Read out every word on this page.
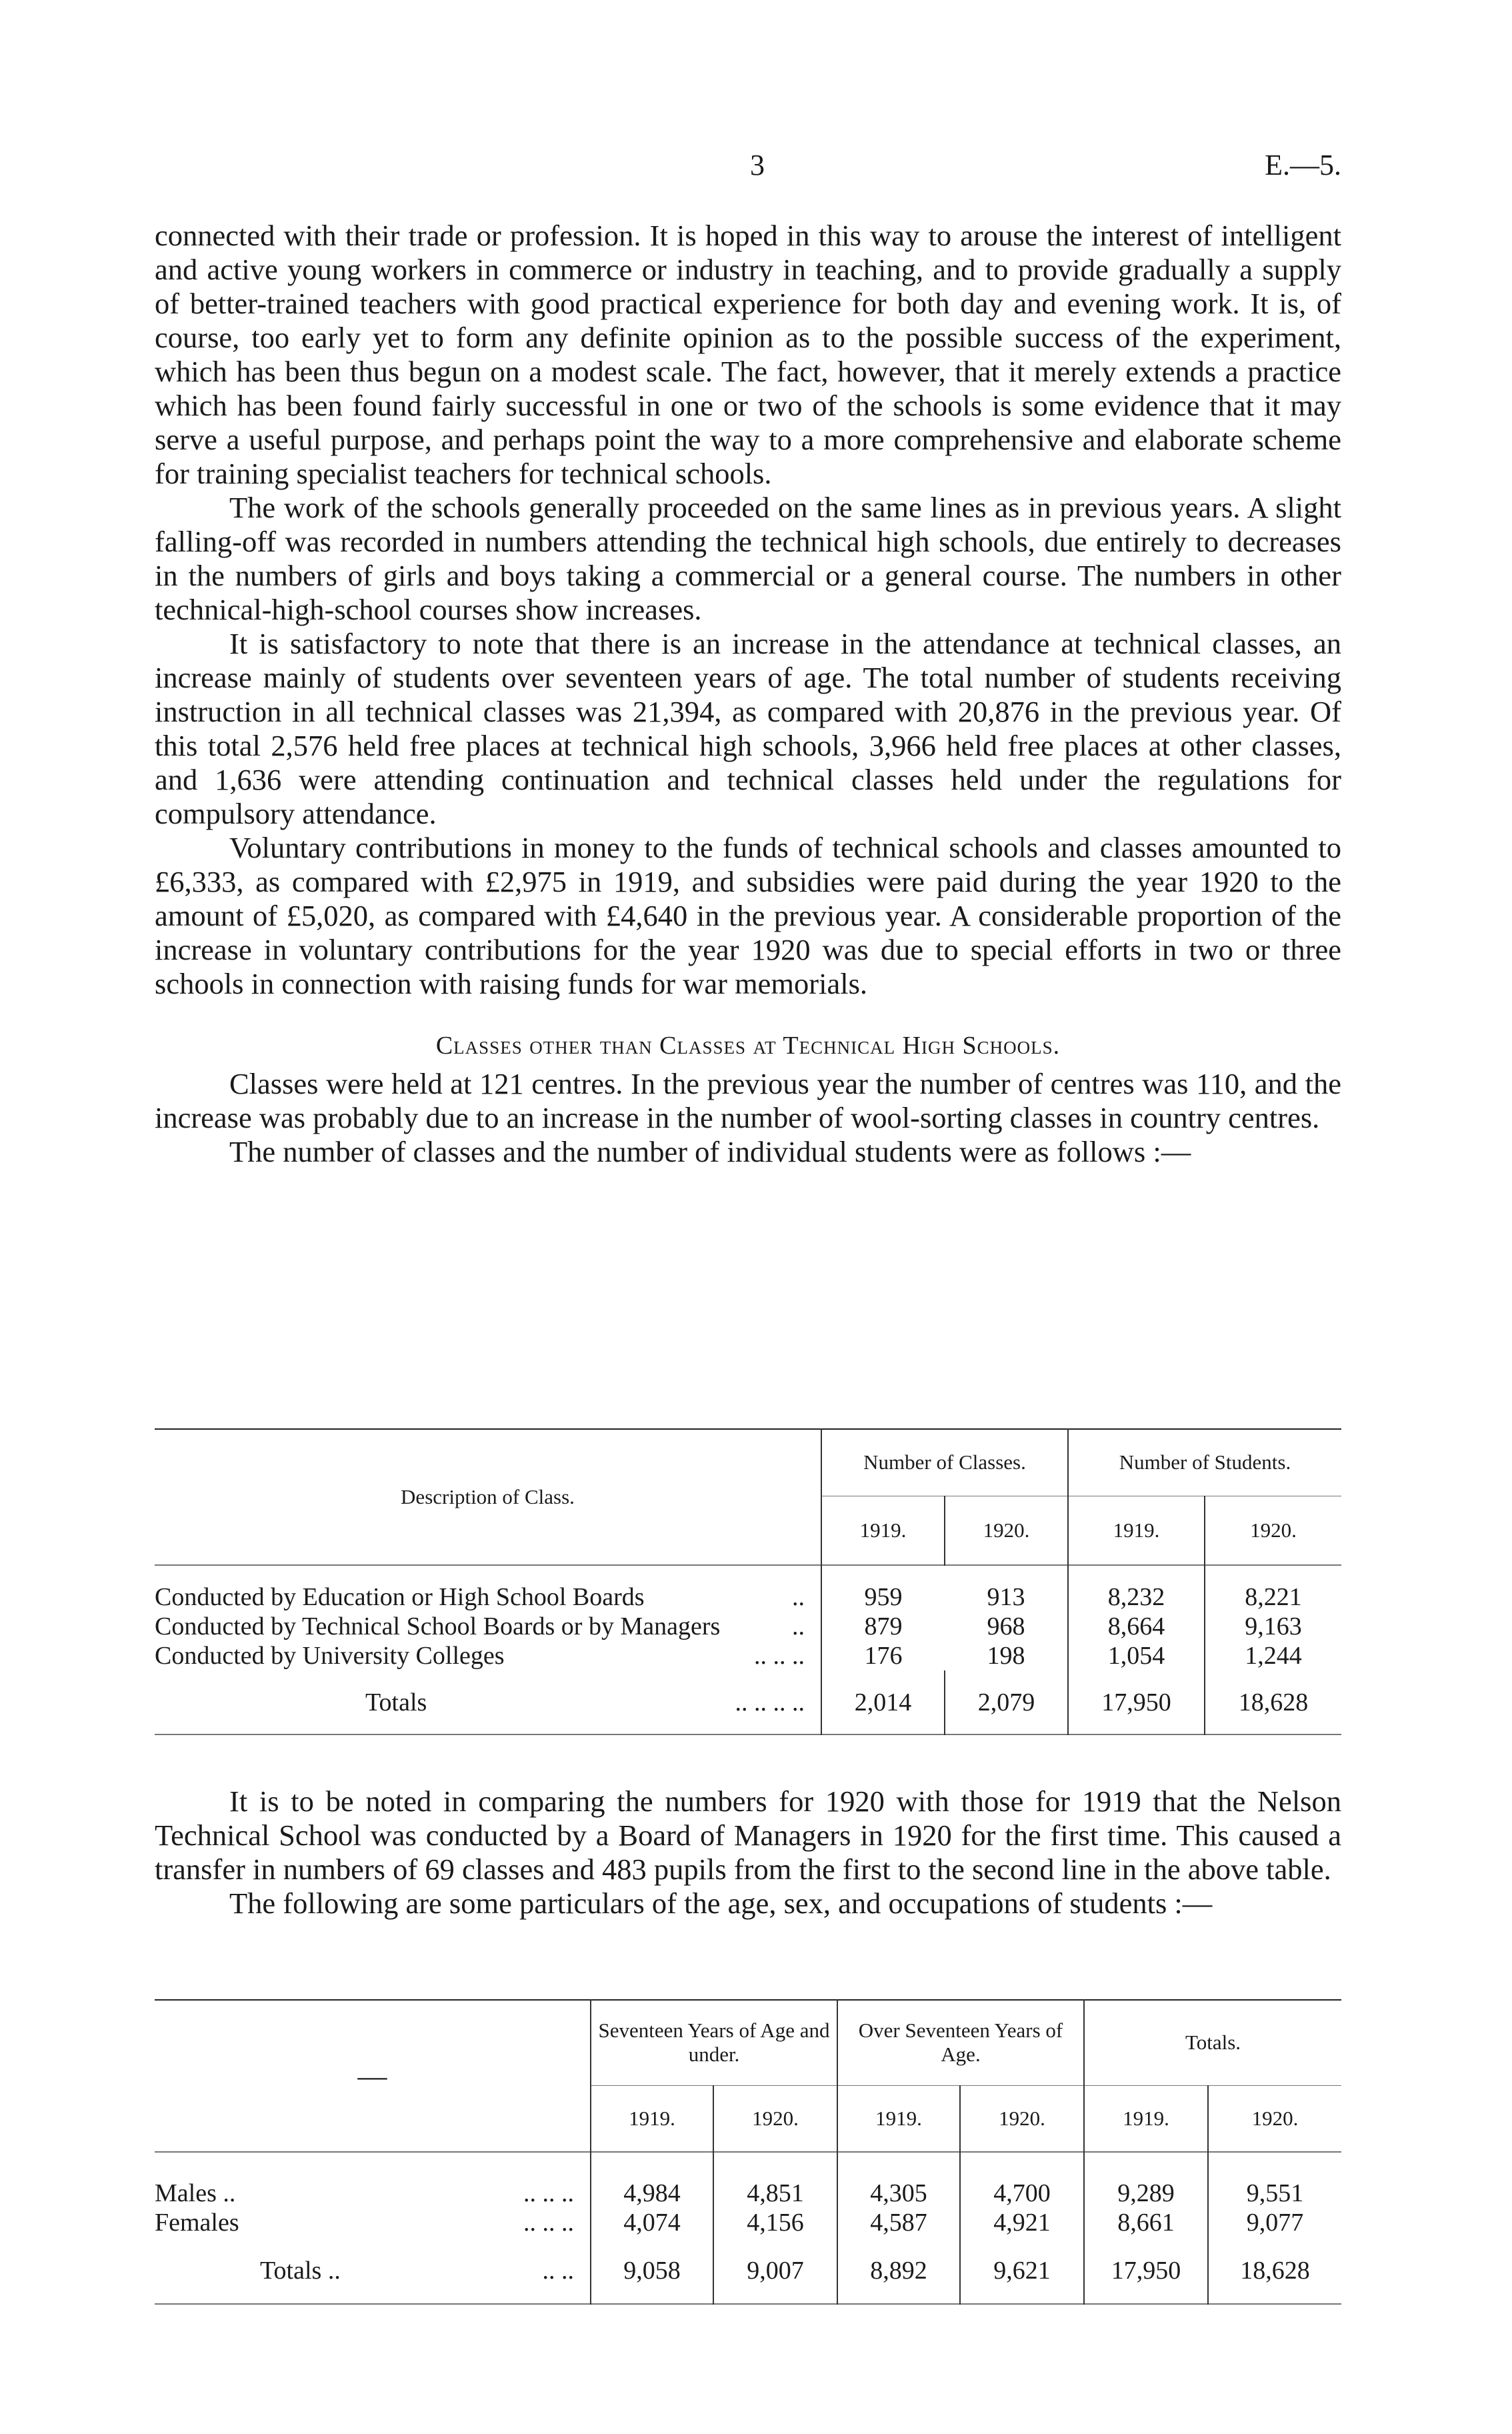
3	E.—5.

connected with their trade or profession. It is hoped in this way to arouse the interest of intelligent and active young workers in commerce or industry in teaching, and to provide gradually a supply of better-trained teachers with good practical experience for both day and evening work. It is, of course, too early yet to form any definite opinion as to the possible success of the experiment, which has been thus begun on a modest scale. The fact, however, that it merely extends a practice which has been found fairly successful in one or two of the schools is some evidence that it may serve a useful purpose, and perhaps point the way to a more comprehensive and elaborate scheme for training specialist teachers for technical schools.

The work of the schools generally proceeded on the same lines as in previous years. A slight falling-off was recorded in numbers attending the technical high schools, due entirely to decreases in the numbers of girls and boys taking a commercial or a general course. The numbers in other technical-high-school courses show increases.

It is satisfactory to note that there is an increase in the attendance at technical classes, an increase mainly of students over seventeen years of age. The total number of students receiving instruction in all technical classes was 21,394, as compared with 20,876 in the previous year. Of this total 2,576 held free places at technical high schools, 3,966 held free places at other classes, and 1,636 were attending continuation and technical classes held under the regulations for compulsory attendance.

Voluntary contributions in money to the funds of technical schools and classes amounted to £6,333, as compared with £2,975 in 1919, and subsidies were paid during the year 1920 to the amount of £5,020, as compared with £4,640 in the previous year. A considerable proportion of the increase in voluntary contributions for the year 1920 was due to special efforts in two or three schools in connection with raising funds for war memorials.

Classes other than Classes at Technical High Schools.

Classes were held at 121 centres. In the previous year the number of centres was 110, and the increase was probably due to an increase in the number of wool-sorting classes in country centres.

The number of classes and the number of individual students were as follows :—

Description of Class.	Number of Classes.		Number of Students.	
	1919.	1920.	1919.	1920.
Conducted by Education or High School Boards ..	959	913	8,232	8,221
Conducted by Technical School Boards or by Managers ..	879	968	8,664	9,163
Conducted by University Colleges .. .. ..	176	198	1,054	1,244
Totals .. .. .. ..	2,014	2,079	17,950	18,628

It is to be noted in comparing the numbers for 1920 with those for 1919 that the Nelson Technical School was conducted by a Board of Managers in 1920 for the first time. This caused a transfer in numbers of 69 classes and 483 pupils from the first to the second line in the above table.

The following are some particulars of the age, sex, and occupations of students :—

—	Seventeen Years of Age and under.		Over Seventeen Years of Age.		Totals.	
	1919.	1920.	1919.	1920.	1919.	1920.
Males .. .. .. ..	4,984	4,851	4,305	4,700	9,289	9,551
Females .. .. ..	4,074	4,156	4,587	4,921	8,661	9,077
Totals .. .. ..	9,058	9,007	8,892	9,621	17,950	18,628
